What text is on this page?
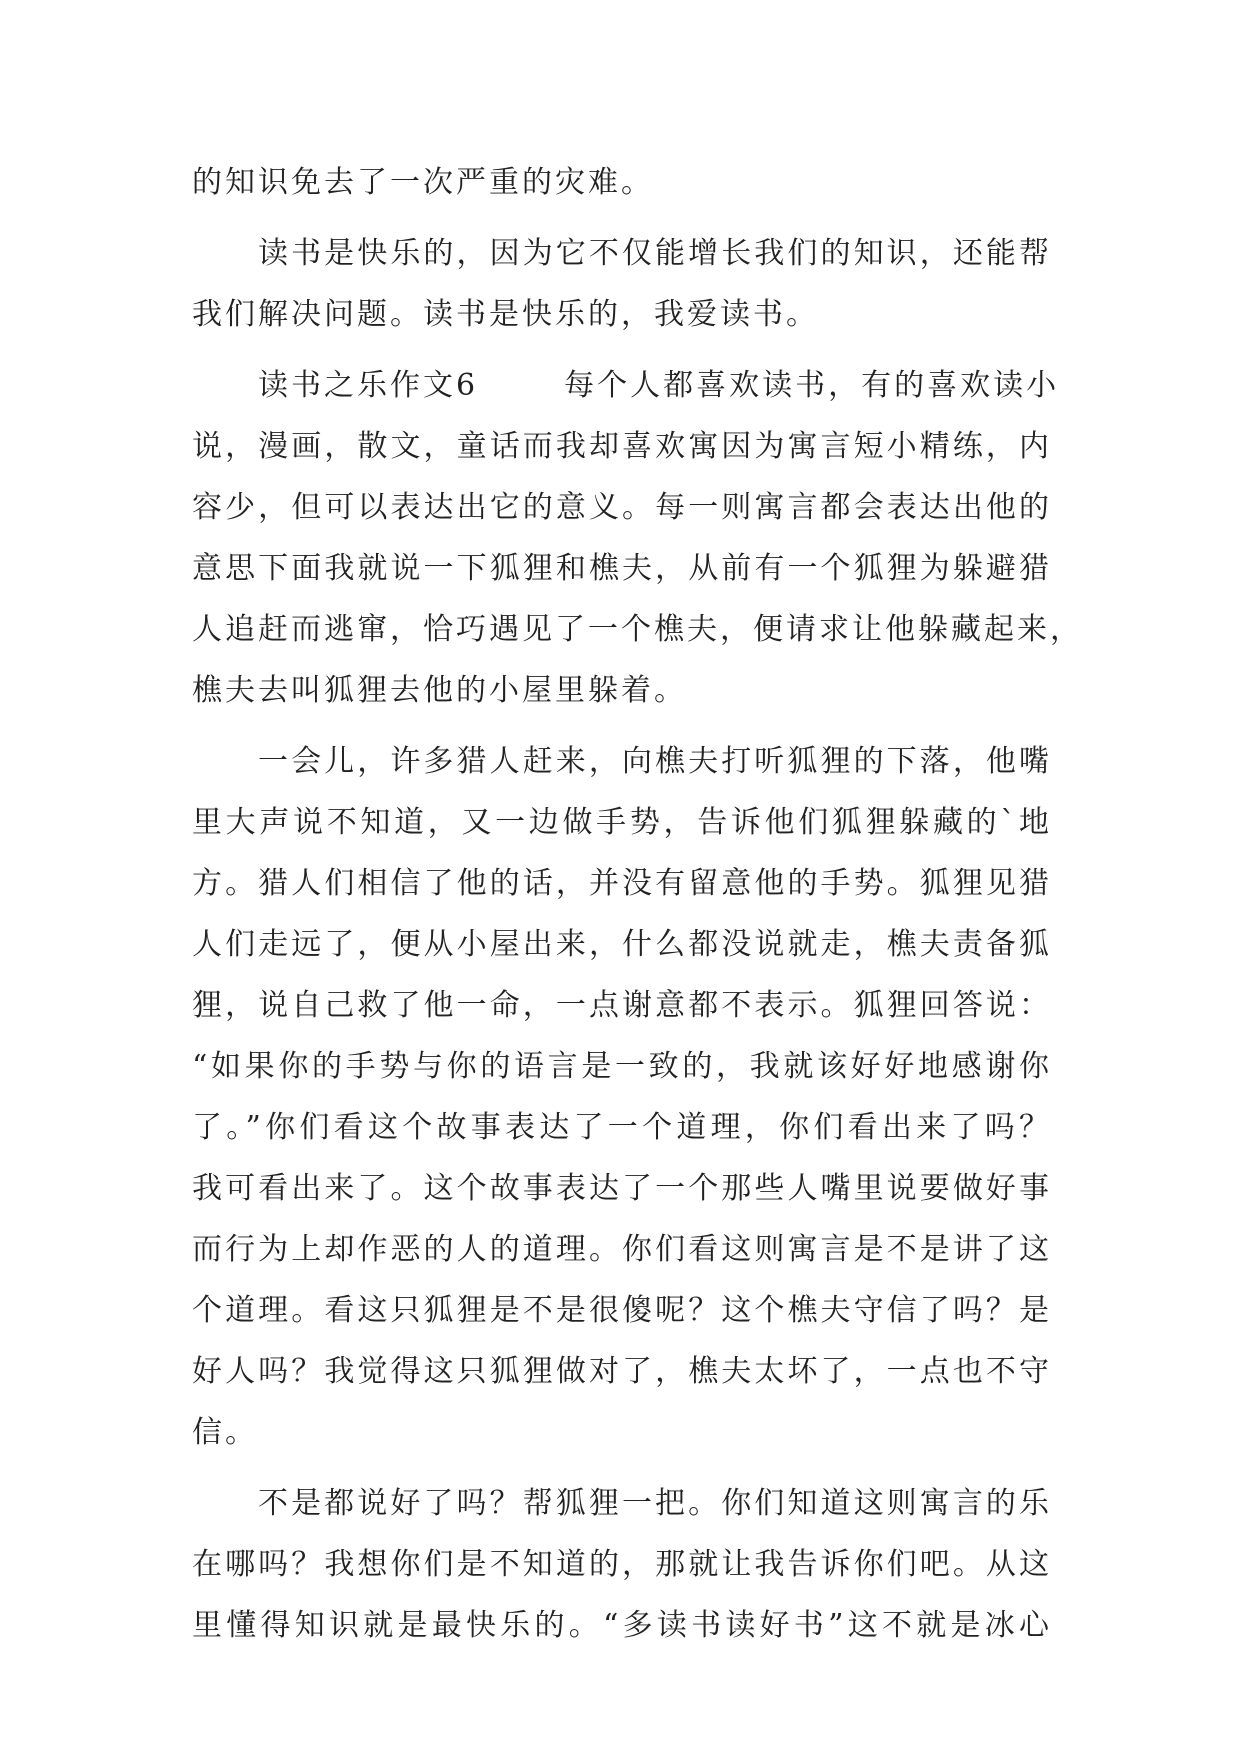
的知识免去了一次严重的灾难。
读书是快乐的，因为它不仅能增长我们的知识，还能帮
我们解决问题。读书是快乐的，我爱读书。
读书之乐作文6	每个人都喜欢读书，有的喜欢读小
说，漫画，散文，童话而我却喜欢寓因为寓言短小精练，内
容少，但可以表达出它的意义。每一则寓言都会表达出他的
意思下面我就说一下狐狸和樵夫，从前有一个狐狸为躲避猎
人追赶而逃窜，恰巧遇见了一个樵夫，便请求让他躲藏起来，
樵夫去叫狐狸去他的小屋里躲着。
一会儿，许多猎人赶来，向樵夫打听狐狸的下落，他嘴
里大声说不知道，又一边做手势，告诉他们狐狸躲藏的`地
方。猎人们相信了他的话，并没有留意他的手势。狐狸见猎
人们走远了，便从小屋出来，什么都没说就走，樵夫责备狐
狸，说自己救了他一命，一点谢意都不表示。狐狸回答说：
“如果你的手势与你的语言是一致的，我就该好好地感谢你
了。”你们看这个故事表达了一个道理，你们看出来了吗？
我可看出来了。这个故事表达了一个那些人嘴里说要做好事
而行为上却作恶的人的道理。你们看这则寓言是不是讲了这
个道理。看这只狐狸是不是很傻呢？这个樵夫守信了吗？是
好人吗？我觉得这只狐狸做对了，樵夫太坏了，一点也不守
信。
不是都说好了吗？帮狐狸一把。你们知道这则寓言的乐
在哪吗？我想你们是不知道的，那就让我告诉你们吧。从这
里懂得知识就是最快乐的。“多读书读好书”这不就是冰心
